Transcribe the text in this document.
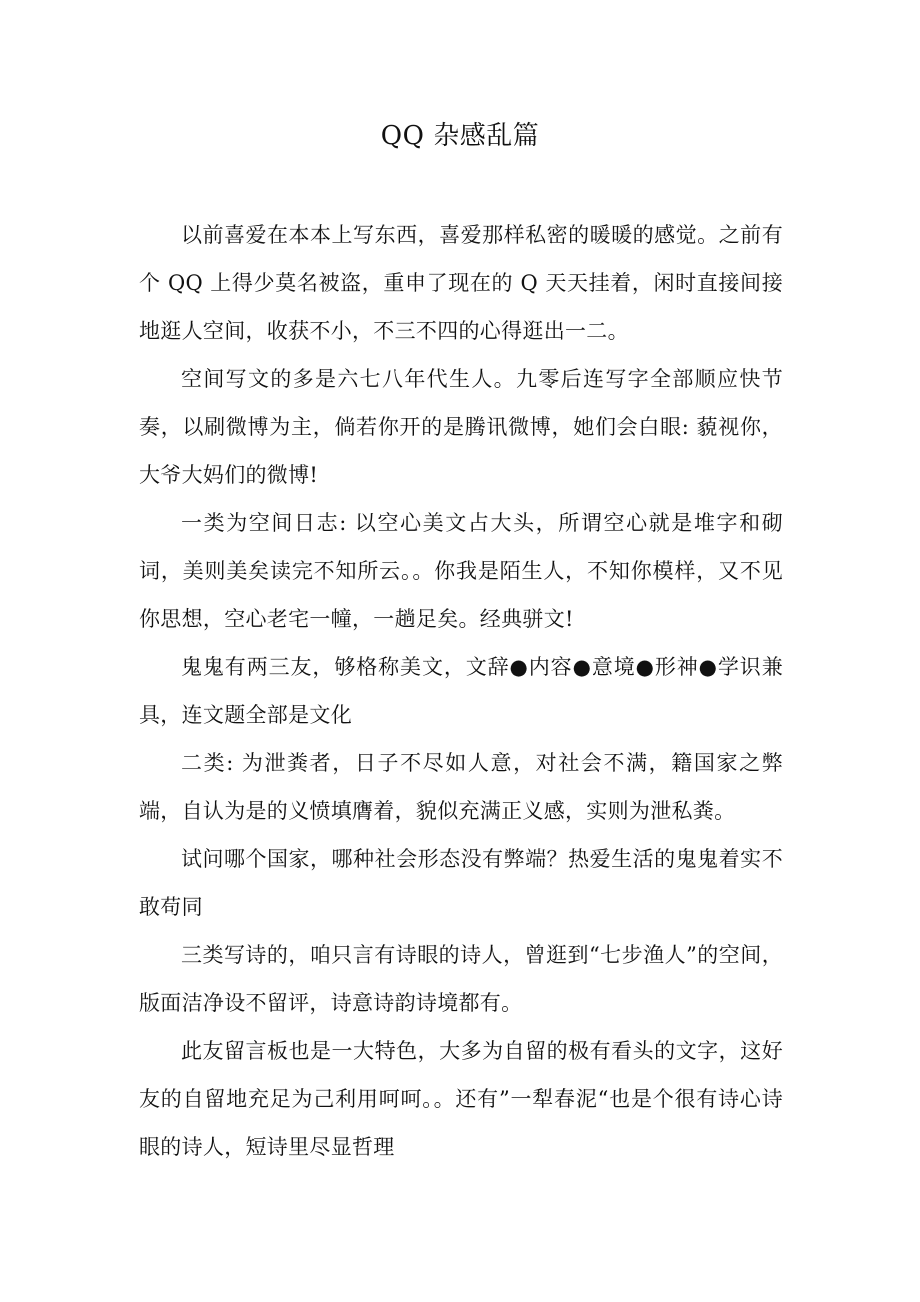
QQ 杂感乱篇

以前喜爱在本本上写东西，喜爱那样私密的暖暖的感觉。之前有个 QQ 上得少莫名被盗，重申了现在的 Q 天天挂着，闲时直接间接地逛人空间，收获不小，不三不四的心得逛出一二。

空间写文的多是六七八年代生人。九零后连写字全部顺应快节奏，以刷微博为主，倘若你开的是腾讯微博，她们会白眼: 藐视你，大爷大妈们的微博!

一类为空间日志: 以空心美文占大头，所谓空心就是堆字和砌词，美则美矣读完不知所云。。你我是陌生人，不知你模样，又不见你思想，空心老宅一幢，一趟足矣。经典骈文!

鬼鬼有两三友，够格称美文，文辞●内容●意境●形神●学识兼具，连文题全部是文化

二类: 为泄粪者，日子不尽如人意，对社会不满，籍国家之弊端，自认为是的义愤填膺着，貌似充满正义感，实则为泄私粪。

试问哪个国家，哪种社会形态没有弊端？热爱生活的鬼鬼着实不敢苟同

三类写诗的，咱只言有诗眼的诗人，曾逛到“七步渔人”的空间，版面洁净设不留评，诗意诗韵诗境都有。

此友留言板也是一大特色，大多为自留的极有看头的文字，这好友的自留地充足为己利用呵呵。。还有”一犁春泥“也是个很有诗心诗眼的诗人，短诗里尽显哲理
